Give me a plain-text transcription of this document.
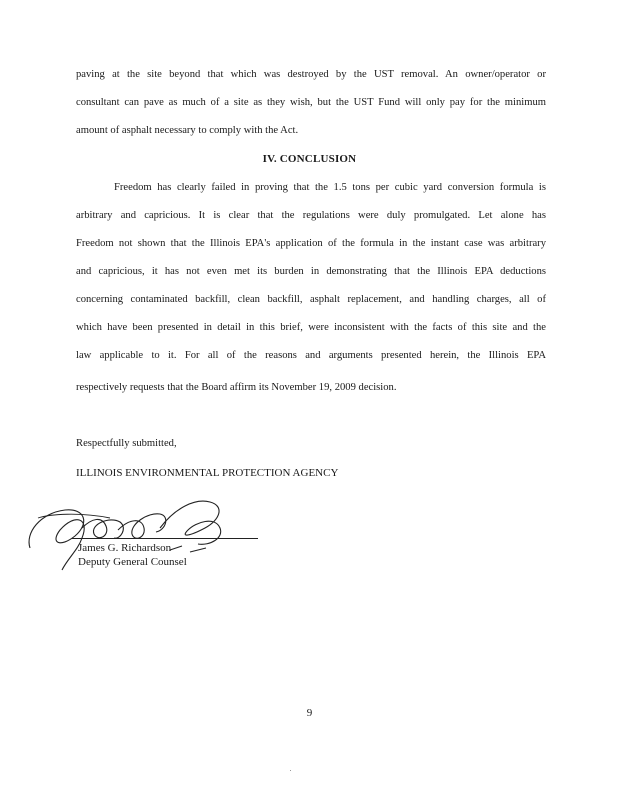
paving at the site beyond that which was destroyed by the UST removal. An owner/operator or
consultant can pave as much of a site as they wish, but the UST Fund will only pay for the minimum
amount of asphalt necessary to comply with the Act.
IV. CONCLUSION
Freedom has clearly failed in proving that the 1.5 tons per cubic yard conversion formula is
arbitrary and capricious. It is clear that the regulations were duly promulgated. Let alone has
Freedom not shown that the Illinois EPA's application of the formula in the instant case was arbitrary
and capricious, it has not even met its burden in demonstrating that the Illinois EPA deductions
concerning contaminated backfill, clean backfill, asphalt replacement, and handling charges, all of
which have been presented in detail in this brief, were inconsistent with the facts of this site and the
law applicable to it. For all of the reasons and arguments presented herein, the Illinois EPA
respectively requests that the Board affirm its November 19, 2009 decision.
Respectfully submitted,
ILLINOIS ENVIRONMENTAL PROTECTION AGENCY
James G. Richardson
Deputy General Counsel
9
